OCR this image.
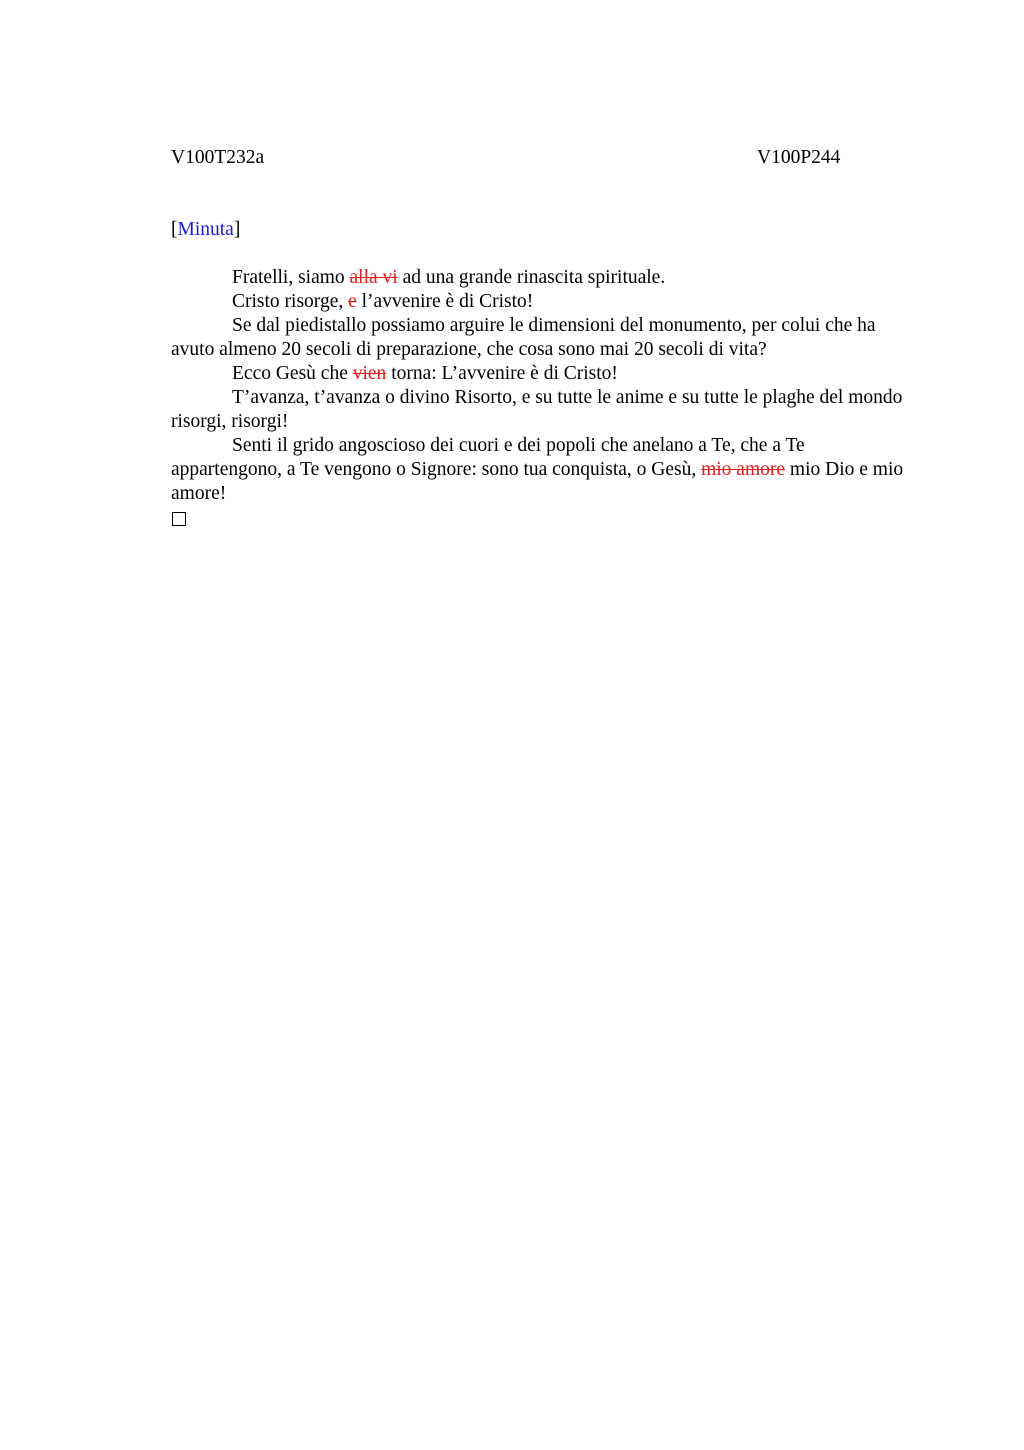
V100T232a	V100P244
[Minuta]

Fratelli, siamo alla vi ad una grande rinascita spirituale.

Cristo risorge, e l’avvenire è di Cristo!

Se dal piedistallo possiamo arguire le dimensioni del monumento, per colui che ha avuto almeno 20 secoli di preparazione, che cosa sono mai 20 secoli di vita?

Ecco Gesù che vien torna: L’avvenire è di Cristo!

T’avanza, t’avanza o divino Risorto, e su tutte le anime e su tutte le plaghe del mondo risorgi, risorgi!

Senti il grido angoscioso dei cuori e dei popoli che anelano a Te, che a Te appartengono, a Te vengono o Signore: sono tua conquista, o Gesù, mio amore mio Dio e mio amore!
